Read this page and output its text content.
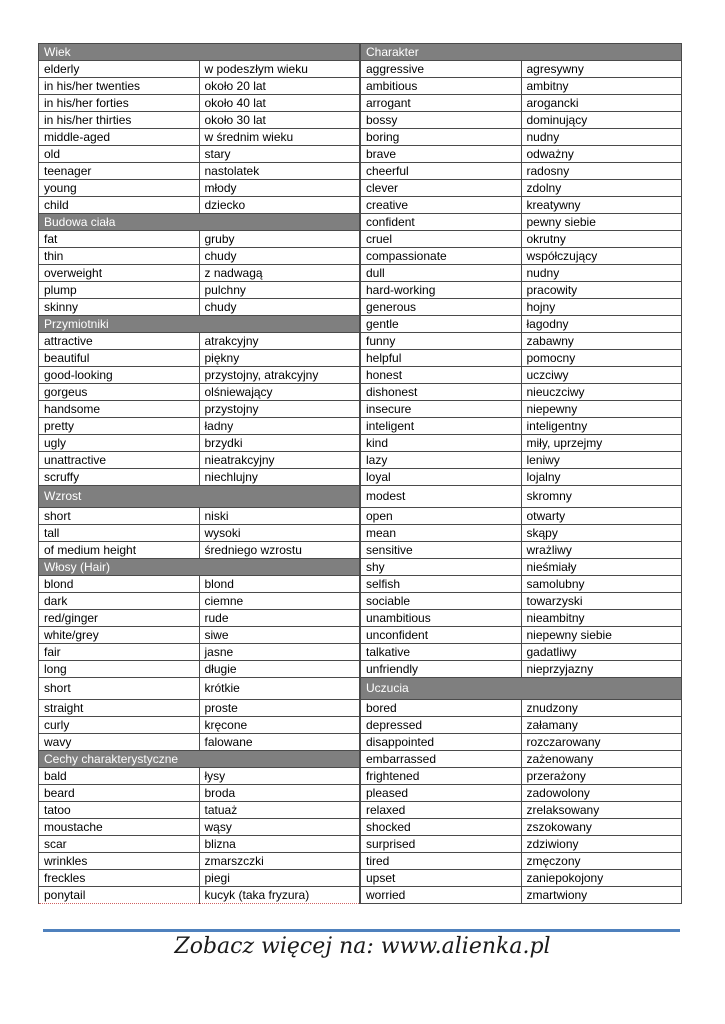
Wiek	
elderly	w podeszłym wieku
in his/her twenties	około 20 lat
in his/her forties	około 40 lat
in his/her thirties	około 30 lat
middle-aged	w średnim wieku
old	stary
teenager	nastolatek
young	młody
child	dziecko
Budowa ciała	
fat	gruby
thin	chudy
overweight	z nadwagą
plump	pulchny
skinny	chudy
Przymiotniki	
attractive	atrakcyjny
beautiful	piękny
good-looking	przystojny, atrakcyjny
gorgeus	olśniewający
handsome	przystojny
pretty	ładny
ugly	brzydki
unattractive	nieatrakcyjny
scruffy	niechlujny
Wzrost	
short	niski
tall	wysoki
of medium height	średniego wzrostu
Włosy (Hair)	
blond	blond
dark	ciemne
red/ginger	rude
white/grey	siwe
fair	jasne
long	długie
short	krótkie
straight	proste
curly	kręcone
wavy	falowane
Cechy charakterystyczne	
bald	łysy
beard	broda
tatoo	tatuaż
moustache	wąsy
scar	blizna
wrinkles	zmarszczki
freckles	piegi
ponytail	kucyk (taka fryzura)
Charakter	
aggressive	agresywny
ambitious	ambitny
arrogant	arogancki
bossy	dominujący
boring	nudny
brave	odważny
cheerful	radosny
clever	zdolny
creative	kreatywny
confident	pewny siebie
cruel	okrutny
compassionate	współczujący
dull	nudny
hard-working	pracowity
generous	hojny
gentle	łagodny
funny	zabawny
helpful	pomocny
honest	uczciwy
dishonest	nieuczciwy
insecure	niepewny
inteligent	inteligentny
kind	miły, uprzejmy
lazy	leniwy
loyal	lojalny
modest	skromny
open	otwarty
mean	skąpy
sensitive	wrażliwy
shy	nieśmiały
selfish	samolubny
sociable	towarzyski
unambitious	nieambitny
unconfident	niepewny siebie
talkative	gadatliwy
unfriendly	nieprzyjazny
Uczucia	
bored	znudzony
depressed	załamany
disappointed	rozczarowany
embarrassed	zażenowany
frightened	przerażony
pleased	zadowolony
relaxed	zrelaksowany
shocked	zszokowany
surprised	zdziwiony
tired	zmęczony
upset	zaniepokojony
worried	zmartwiony
Zobacz więcej na: www.alienka.pl
